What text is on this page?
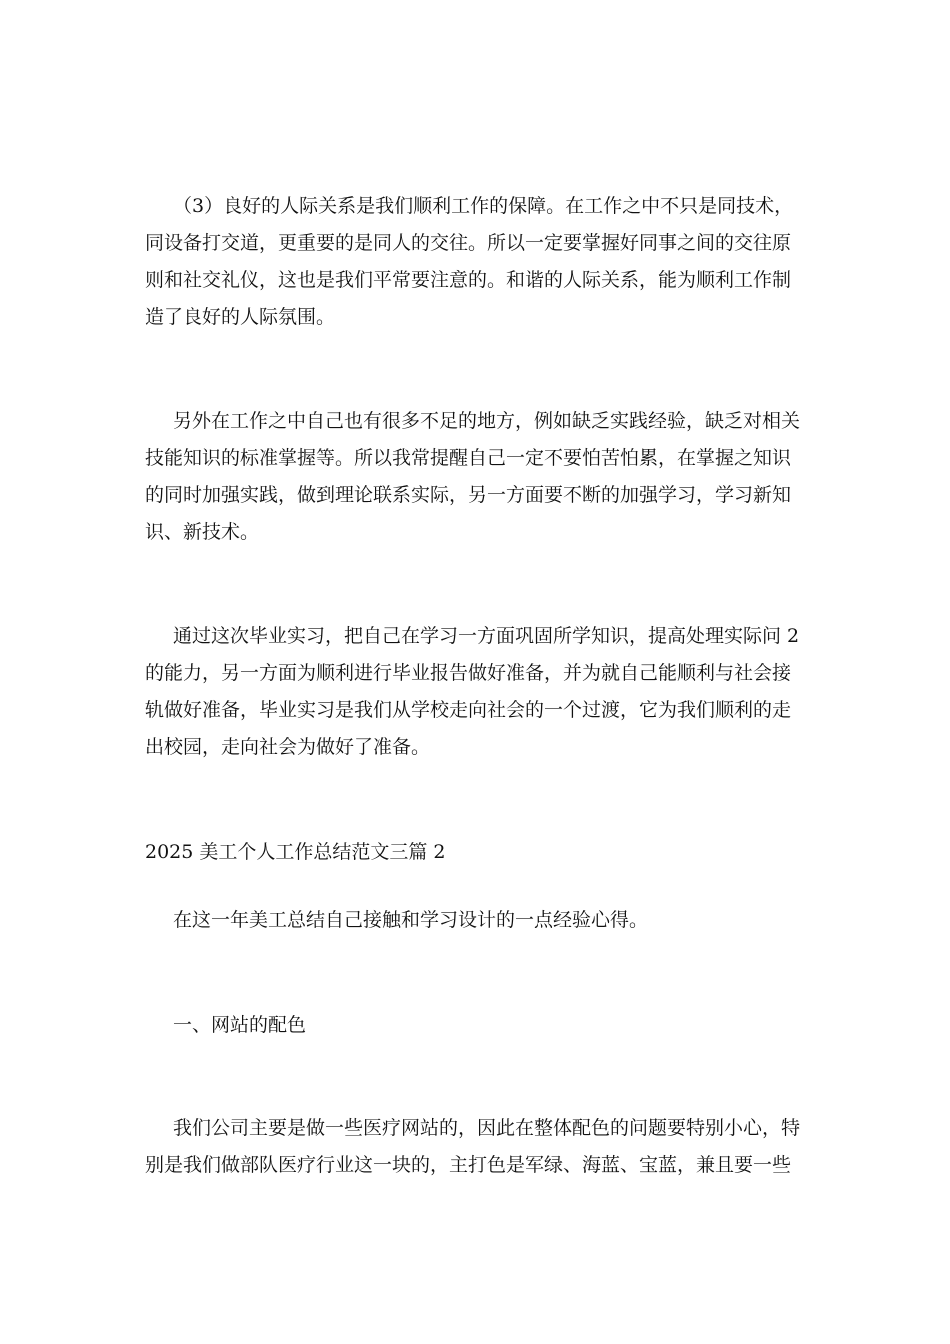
（3）良好的人际关系是我们顺利工作的保障。在工作之中不只是同技术，
同设备打交道，更重要的是同人的交往。所以一定要掌握好同事之间的交往原
则和社交礼仪，这也是我们平常要注意的。和谐的人际关系，能为顺利工作制
造了良好的人际氛围。
另外在工作之中自己也有很多不足的地方，例如缺乏实践经验，缺乏对相关
技能知识的标准掌握等。所以我常提醒自己一定不要怕苦怕累，在掌握之知识
的同时加强实践，做到理论联系实际，另一方面要不断的加强学习，学习新知
识、新技术。
通过这次毕业实习，把自己在学习一方面巩固所学知识，提高处理实际问 2
的能力，另一方面为顺利进行毕业报告做好准备，并为就自己能顺利与社会接
轨做好准备，毕业实习是我们从学校走向社会的一个过渡，它为我们顺利的走
出校园，走向社会为做好了准备。
2025 美工个人工作总结范文三篇 2
在这一年美工总结自己接触和学习设计的一点经验心得。
一、网站的配色
我们公司主要是做一些医疗网站的，因此在整体配色的问题要特别小心，特
别是我们做部队医疗行业这一块的，主打色是军绿、海蓝、宝蓝，兼且要一些
